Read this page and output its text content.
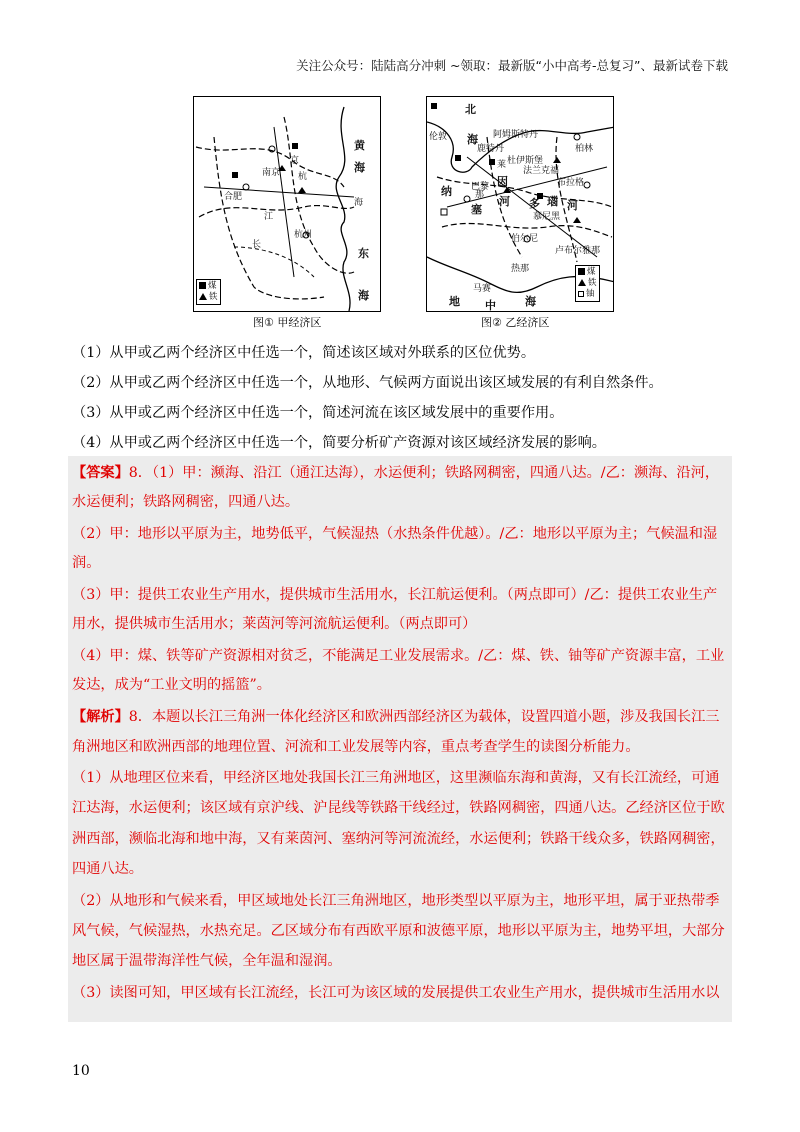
关注公众号：陆陆高分冲刺 ~领取：最新版“小中高考-总复习”、最新试卷下载
黄
海
京
杭
南京
合肥
江
海
长
杭州
东
海
煤
铁
图① 甲经济区
北
伦敦 海 阿姆斯特丹
莱
鹿特丹
杜伊斯堡
柏林
法兰克福
巴黎	布拉格
纳
因
多
河	河
瑙
慕尼黑
塞
伯尔尼
卢布尔雅那
那
热那
马赛
地 中	海
煤
铁
铀
图② 乙经济区
（1）从甲或乙两个经济区中任选一个，简述该区域对外联系的区位优势。
（2）从甲或乙两个经济区中任选一个，从地形、气候两方面说出该区域发展的有利自然条件。
（3）从甲或乙两个经济区中任选一个，简述河流在该区域发展中的重要作用。
（4）从甲或乙两个经济区中任选一个，简要分析矿产资源对该区域经济发展的影响。
【答案】8．（1）甲：濒海、沿江（通江达海），水运便利；铁路网稠密，四通八达。/乙：濒海、沿河，
水运便利；铁路网稠密，四通八达。
（2）甲：地形以平原为主，地势低平，气候湿热（水热条件优越）。/乙：地形以平原为主；气候温和湿
润。
（3）甲：提供工农业生产用水，提供城市生活用水，长江航运便利。（两点即可）/乙：提供工农业生产
用水，提供城市生活用水；莱茵河等河流航运便利。（两点即可）
（4）甲：煤、铁等矿产资源相对贫乏，不能满足工业发展需求。/乙：煤、铁、铀等矿产资源丰富，工业
发达，成为“工业文明的摇篮”。
【解析】8．本题以长江三角洲一体化经济区和欧洲西部经济区为载体，设置四道小题，涉及我国长江三
角洲地区和欧洲西部的地理位置、河流和工业发展等内容，重点考查学生的读图分析能力。
（1）从地理区位来看，甲经济区地处我国长江三角洲地区，这里濒临东海和黄海，又有长江流经，可通
江达海，水运便利；该区域有京沪线、沪昆线等铁路干线经过，铁路网稠密，四通八达。乙经济区位于欧
洲西部，濒临北海和地中海，又有莱茵河、塞纳河等河流流经，水运便利；铁路干线众多，铁路网稠密，
四通八达。
（2）从地形和气候来看，甲区域地处长江三角洲地区，地形类型以平原为主，地形平坦，属于亚热带季
风气候，气候湿热，水热充足。乙区域分布有西欧平原和波德平原，地形以平原为主，地势平坦，大部分
地区属于温带海洋性气候，全年温和湿润。
（3）读图可知，甲区域有长江流经，长江可为该区域的发展提供工农业生产用水，提供城市生活用水以
10
